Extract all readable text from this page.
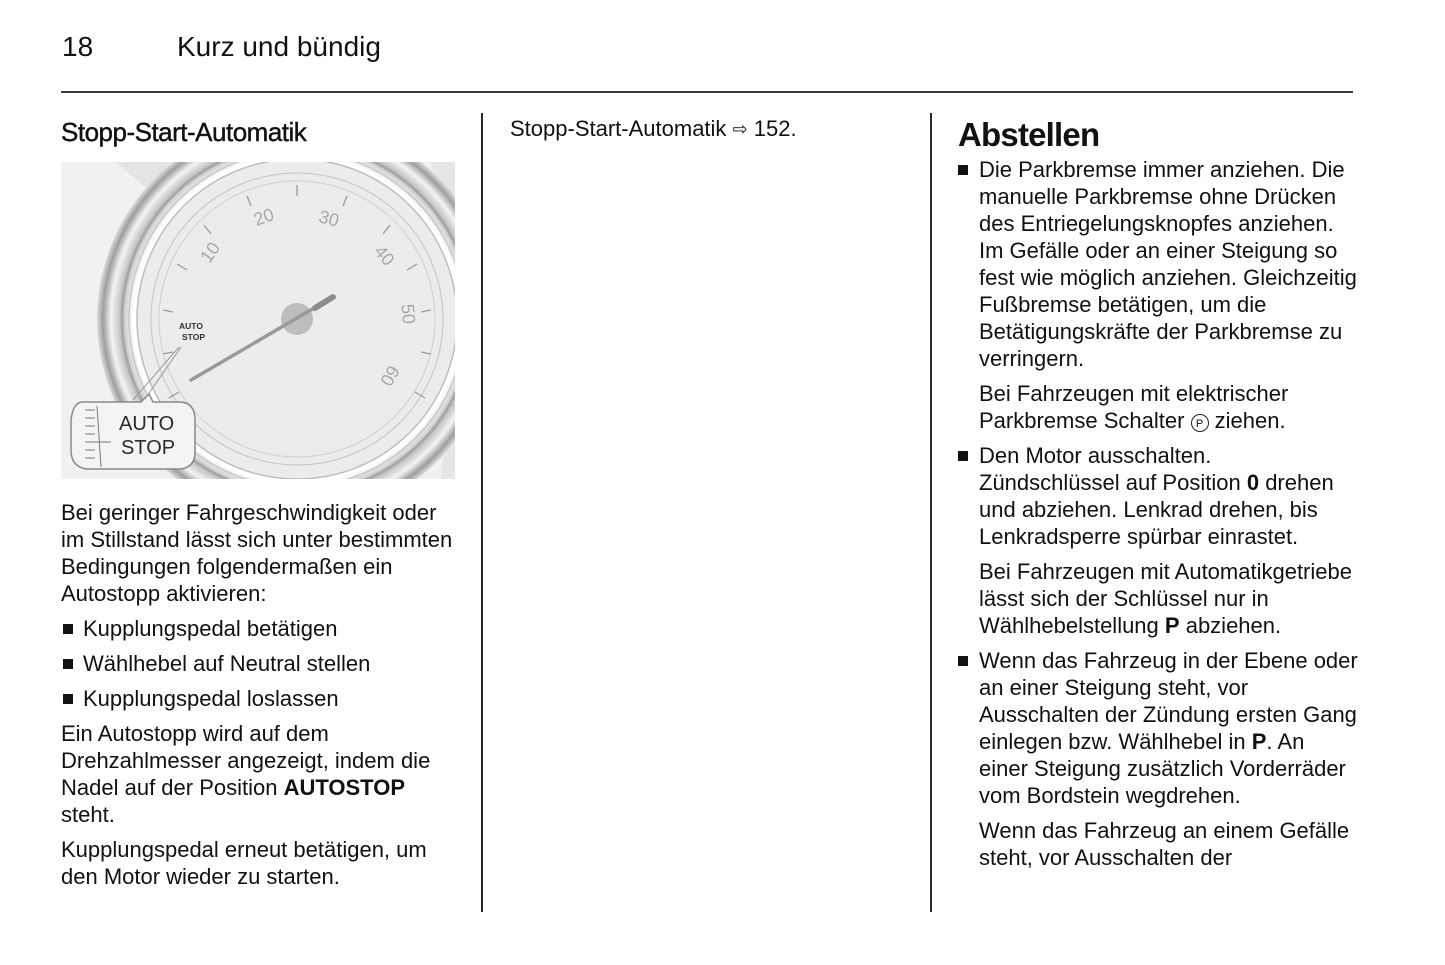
18	Kurz und bündig
Stopp-Start-Automatik
10
20 30
40
50
60
AUTO
STOP
AUTO
STOP

Bei geringer Fahrgeschwindigkeit oder im Stillstand lässt sich unter bestimmten Bedingungen folgendermaßen ein Autostopp aktivieren:

Kupplungspedal betätigen
Wählhebel auf Neutral stellen
Kupplungspedal loslassen

Ein Autostopp wird auf dem Drehzahlmesser angezeigt, indem die Nadel auf der Position AUTOSTOP steht.

Kupplungspedal erneut betätigen, um den Motor wieder zu starten.

Stopp-Start-Automatik ⇨ 152.	Abstellen

Die Parkbremse immer anziehen. Die manuelle Parkbremse ohne Drücken des Entriegelungsknopfes anziehen. Im Gefälle oder an einer Steigung so fest wie möglich anziehen. Gleichzeitig Fußbremse betätigen, um die Betätigungskräfte der Parkbremse zu verringern.

Bei Fahrzeugen mit elektrischer Parkbremse Schalter P ziehen.

Den Motor ausschalten. Zündschlüssel auf Position 0 drehen und abziehen. Lenkrad drehen, bis Lenkradsperre spürbar einrastet.

Bei Fahrzeugen mit Automatikgetriebe lässt sich der Schlüssel nur in Wählhebelstellung P abziehen.

Wenn das Fahrzeug in der Ebene oder an einer Steigung steht, vor Ausschalten der Zündung ersten Gang einlegen bzw. Wählhebel in P. An einer Steigung zusätzlich Vorderräder vom Bordstein wegdrehen.

Wenn das Fahrzeug an einem Gefälle steht, vor Ausschalten der
